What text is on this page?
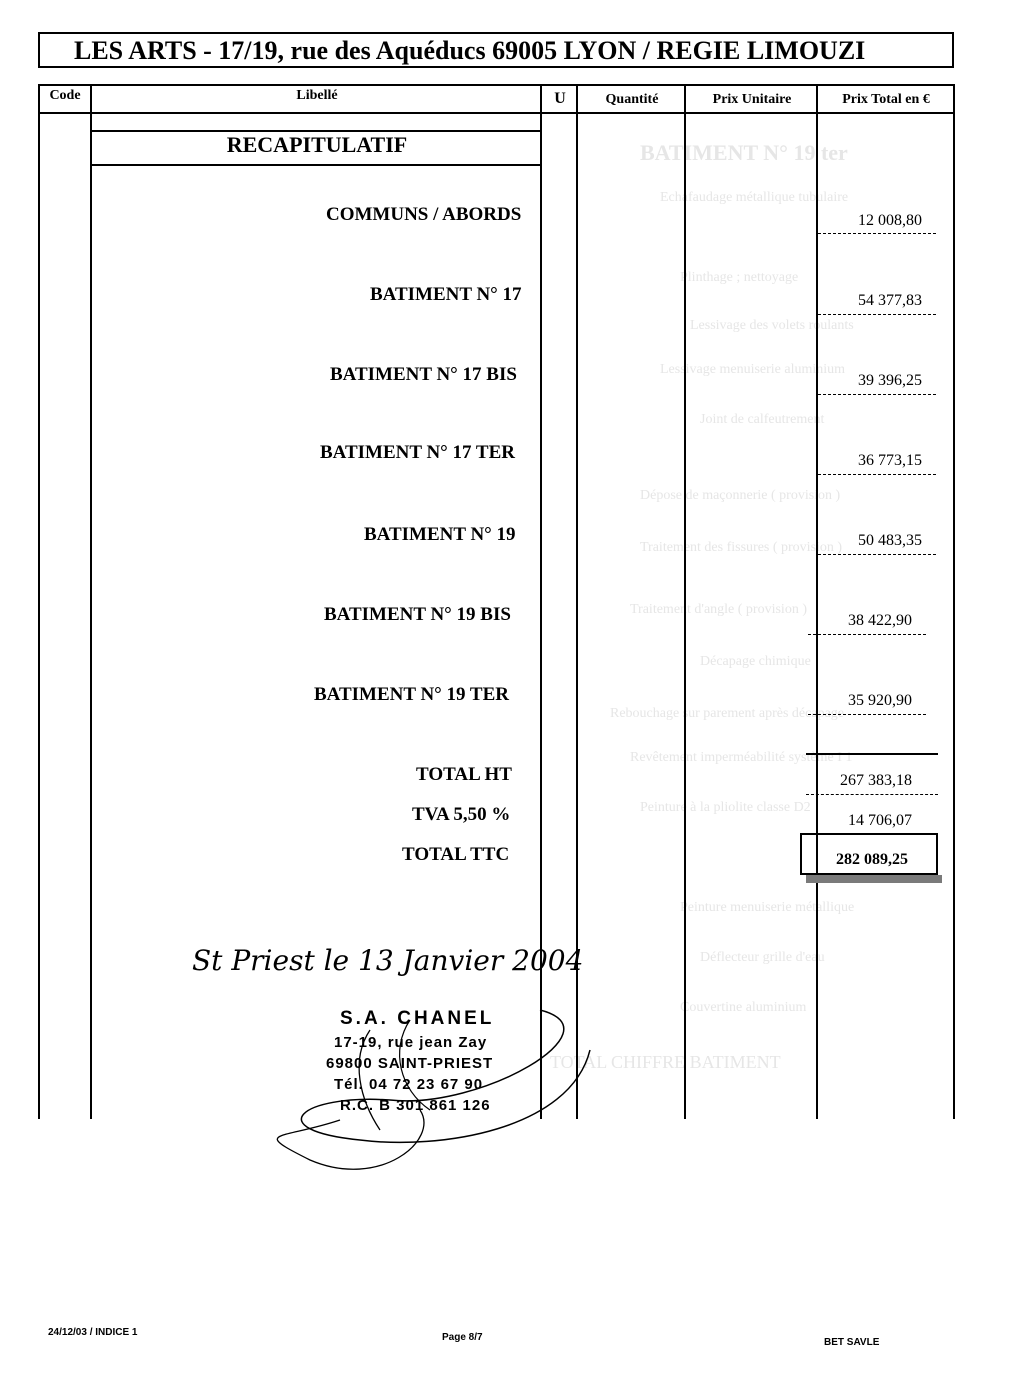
BATIMENT N° 19 ter
Echafaudage métallique tubulaire
Plinthage ; nettoyage
Lessivage des volets roulants
Lessivage menuiserie aluminium
Joint de calfeutrement
Dépose de maçonnerie ( provision )
Traitement des fissures ( provision )
Traitement d'angle ( provision )
Décapage chimique
Rebouchage sur parement après décapage
Revêtement imperméabilité système I 1
Peinture à la pliolite classe D2
Peinture menuiserie métallique
Déflecteur grille d'eau
Couvertine aluminium
TOTAL CHIFFRE BATIMENT
LES ARTS - 17/19, rue des Aquéducs 69005 LYON / REGIE LIMOUZI
Code	Libellé	U	Quantité	Prix Unitaire	Prix Total en €
RECAPITULATIF
COMMUNS / ABORDS	12 008,80
BATIMENT N° 17	54 377,83
BATIMENT N° 17 BIS	39 396,25
BATIMENT N° 17 TER	36 773,15
BATIMENT N° 19	50 483,35
BATIMENT N° 19 BIS	38 422,90
BATIMENT N° 19 TER	35 920,90
TOTAL HT	267 383,18
TVA 5,50 %	14 706,07
TOTAL TTC	282 089,25
St Priest le 13 Janvier 2004
S.A. CHANEL
17-19, rue jean Zay
69800 SAINT-PRIEST
Tél. 04 72 23 67 90
R.C. B 301 861 126
24/12/03 / INDICE 1	Page 8/7	BET SAVLE
